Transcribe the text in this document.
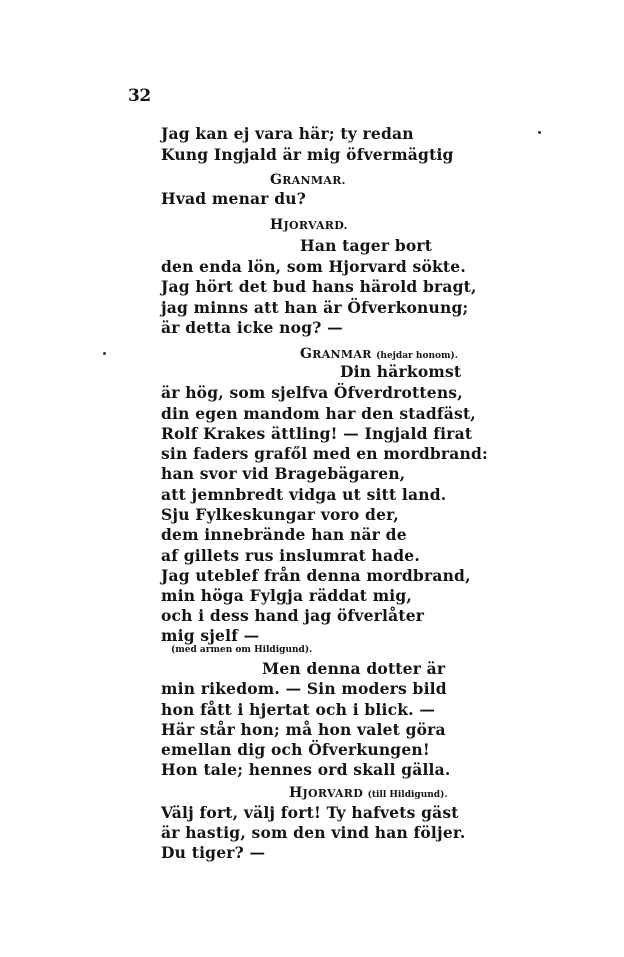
32
Jag kan ej vara här; ty redan
Kung Ingjald är mig öfvermägtig
GRANMAR.
Hvad menar du?
HJORVARD.
Han tager bort
den enda lön, som Hjorvard sökte.
Jag hört det bud hans härold bragt,
jag minns att han är Öfverkonung;
är detta icke nog? —
GRANMAR (hejdar honom).
Din härkomst
är hög, som sjelfva Öfverdrottens,
din egen mandom har den stadfäst,
Rolf Krakes ättling! — Ingjald firat
sin faders grafől med en mordbrand:
han svor vid Bragebägaren,
att jemnbredt vidga ut sitt land.
Sju Fylkeskungar voro der,
dem innebrände han när de
af gillets rus inslumrat hade.
Jag uteblef från denna mordbrand,
min höga Fylgja räddat mig,
och i dess hand jag öfverlåter
mig sjelf —
(med armen om Hildigund).
Men denna dotter är
min rikedom. — Sin moders bild
hon fått i hjertat och i blick. —
Här står hon; må hon valet göra
emellan dig och Öfverkungen!
Hon tale; hennes ord skall gälla.
HJORVARD (till Hildigund).
Välj fort, välj fort! Ty hafvets gäst
är hastig, som den vind han följer.
Du tiger? —
